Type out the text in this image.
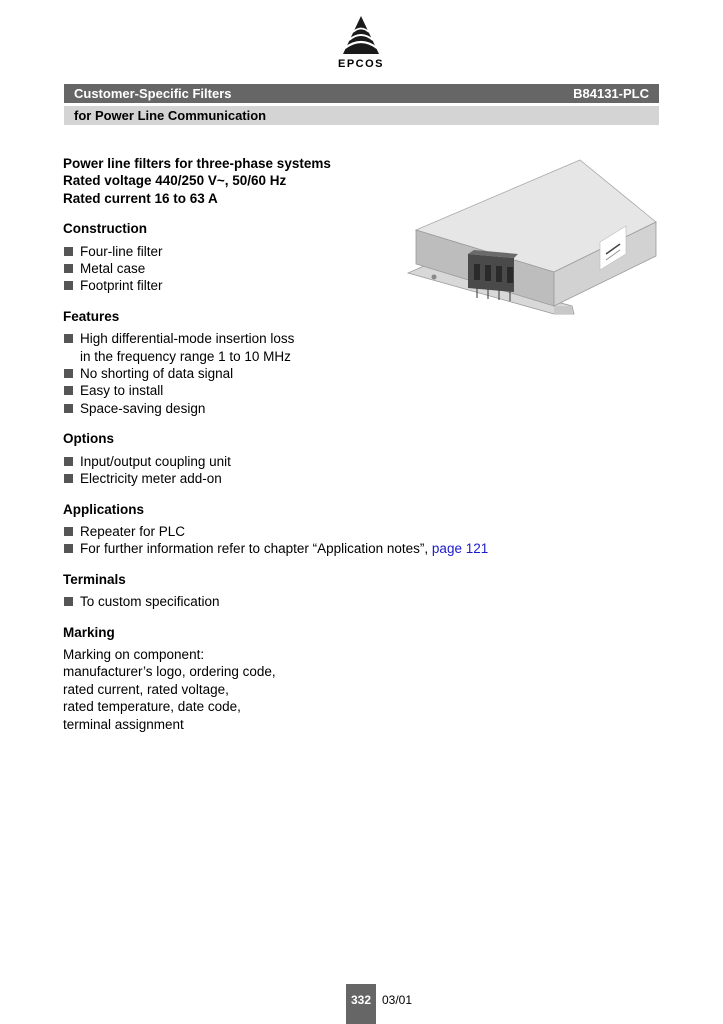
EPCOS
Customer-Specific Filters	B84131-PLC
for Power Line Communication
Power line filters for three-phase systems
Rated voltage 440/250 V~, 50/60 Hz
Rated current 16 to 63 A
Construction
Four-line filter
Metal case
Footprint filter
Features
High differential-mode insertion loss
in the frequency range 1 to 10 MHz
No shorting of data signal
Easy to install
Space-saving design
Options
Input/output coupling unit
Electricity meter add-on
Applications
Repeater for PLC
For further information refer to chapter “Application notes”, page 121
Terminals
To custom specification
Marking
Marking on component:
manufacturer’s logo, ordering code,
rated current, rated voltage,
rated temperature, date code,
terminal assignment
332 03/01
